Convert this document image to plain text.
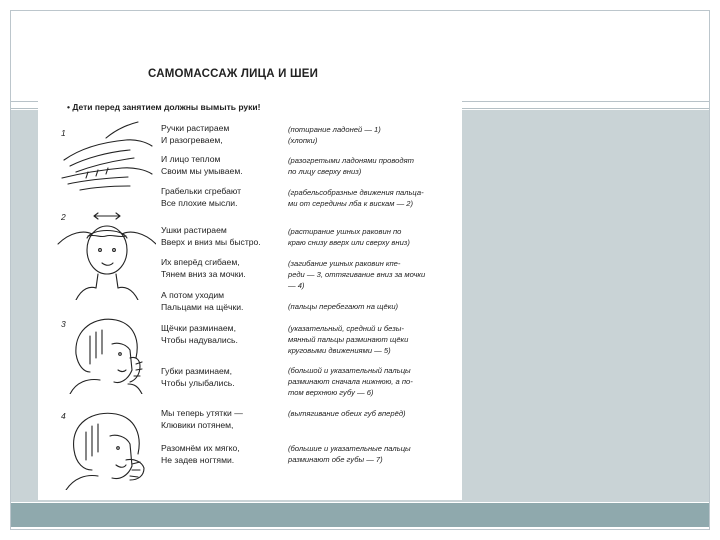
САМОМАССАЖ ЛИЦА И ШЕИ
• Дети перед занятием должны вымыть руки!
1
2
3
4
Ручки растираем
И разогреваем,
(потирание ладоней — 1)
(хлопки)
И лицо теплом
Своим мы умываем.
(разогретыми ладонями проводят
по лицу сверху вниз)
Грабельки сгребают
Все плохие мысли.
(грабельсобразные движения пальца-
ми от середины лба к вискам — 2)
Ушки растираем
Вверх и вниз мы быстро.
(растирание ушных раковин по
краю снизу вверх или сверху вниз)
Их вперёд сгибаем,
Тянем вниз за мочки.
(загибание ушных раковин кпе-
реди — 3, оттягивание вниз за мочки
— 4)
А потом уходим
Пальцами на щёчки.	(пальцы перебегают на щёки)
Щёчки разминаем,
Чтобы надувались.
(указательный, средний и безы-
мянный пальцы разминают щёки
круговыми движениями — 5)
Губки разминаем,
Чтобы улыбались.
(большой и указательный пальцы
разминают сначала нижнюю, а по-
том верхнюю губу — 6)
Мы теперь утятки —
Клювики потянем,
(вытягивание обеих губ вперёд)
Разомнём их мягко,
Не задев ногтями.
(большие и указательные пальцы
разминают обе губы — 7)
